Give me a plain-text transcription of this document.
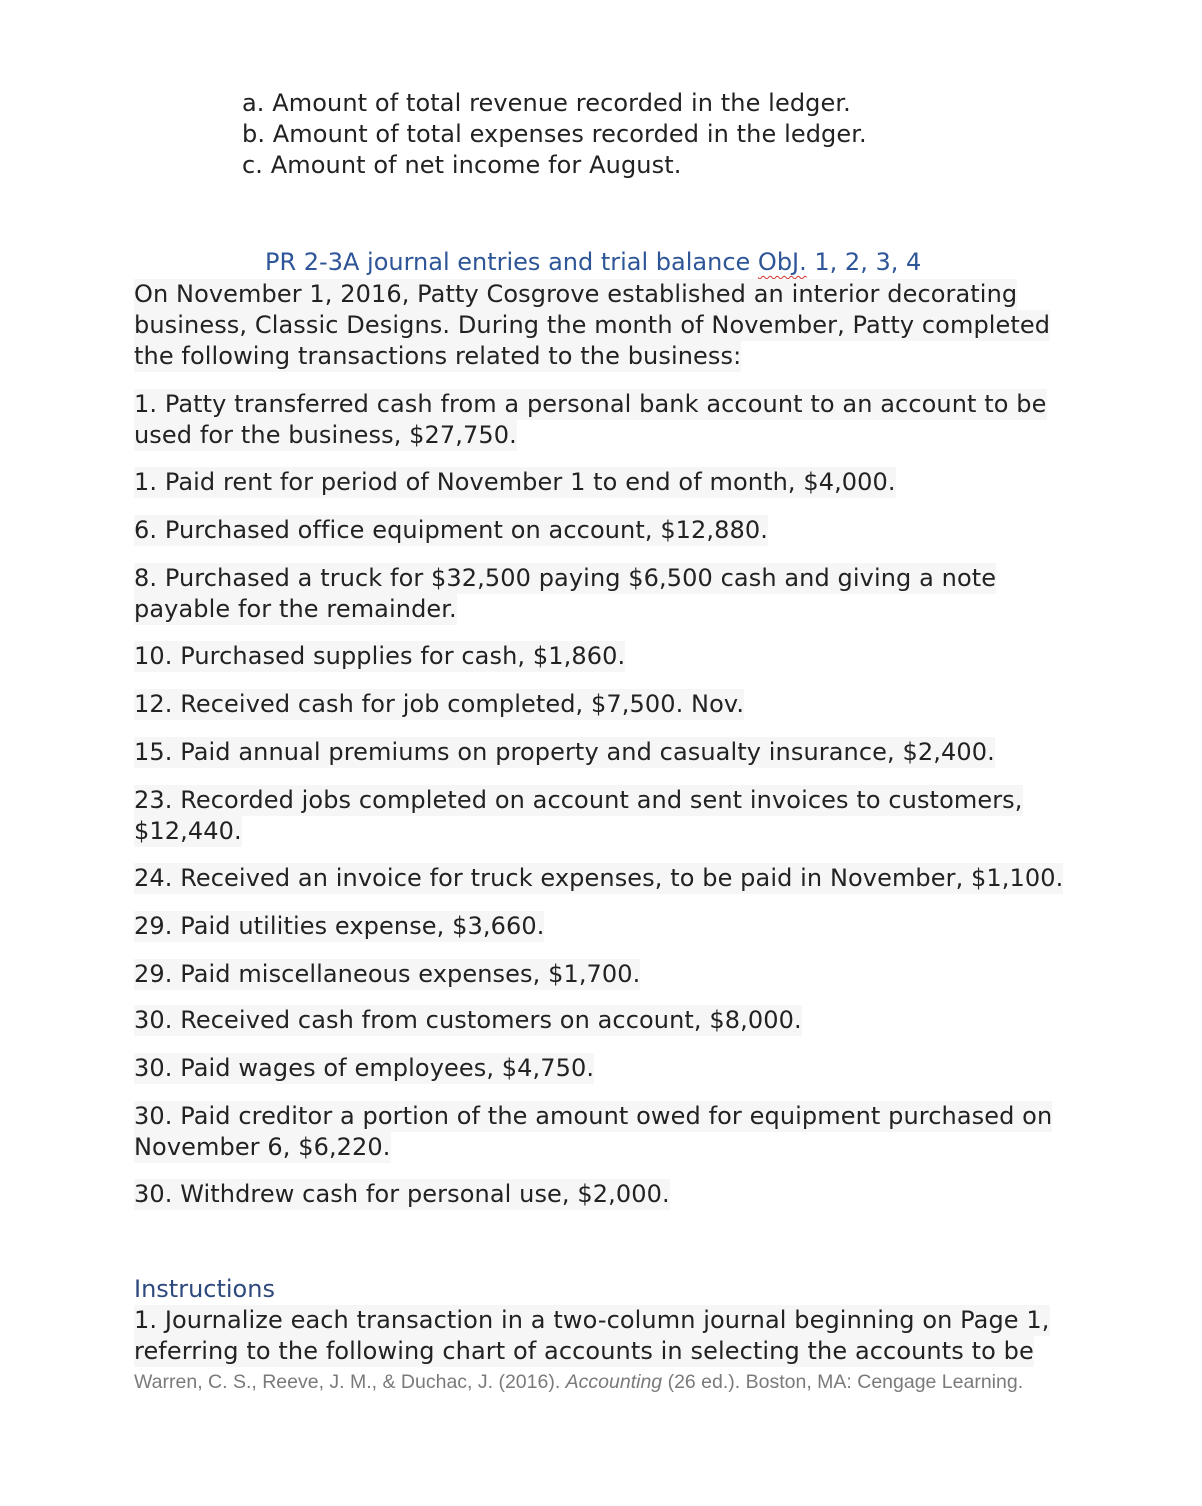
a. Amount of total revenue recorded in the ledger.
b. Amount of total expenses recorded in the ledger.
c. Amount of net income for August.
PR 2-3A journal entries and trial balance ObJ. 1, 2, 3, 4
On November 1, 2016, Patty Cosgrove established an interior decorating
business, Classic Designs. During the month of November, Patty completed
the following transactions related to the business:
1. Patty transferred cash from a personal bank account to an account to be
used for the business, $27,750.
1. Paid rent for period of November 1 to end of month, $4,000.
6. Purchased office equipment on account, $12,880.
8. Purchased a truck for $32,500 paying $6,500 cash and giving a note
payable for the remainder.
10. Purchased supplies for cash, $1,860.
12. Received cash for job completed, $7,500. Nov.
15. Paid annual premiums on property and casualty insurance, $2,400.
23. Recorded jobs completed on account and sent invoices to customers,
$12,440.
24. Received an invoice for truck expenses, to be paid in November, $1,100.
29. Paid utilities expense, $3,660.
29. Paid miscellaneous expenses, $1,700.
30. Received cash from customers on account, $8,000.
30. Paid wages of employees, $4,750.
30. Paid creditor a portion of the amount owed for equipment purchased on
November 6, $6,220.
30. Withdrew cash for personal use, $2,000.
1. Journalize each transaction in a two-column journal beginning on Page 1,
referring to the following chart of accounts in selecting the accounts to be
Instructions
Warren, C. S., Reeve, J. M., & Duchac, J. (2016). Accounting (26 ed.). Boston, MA: Cengage Learning.
